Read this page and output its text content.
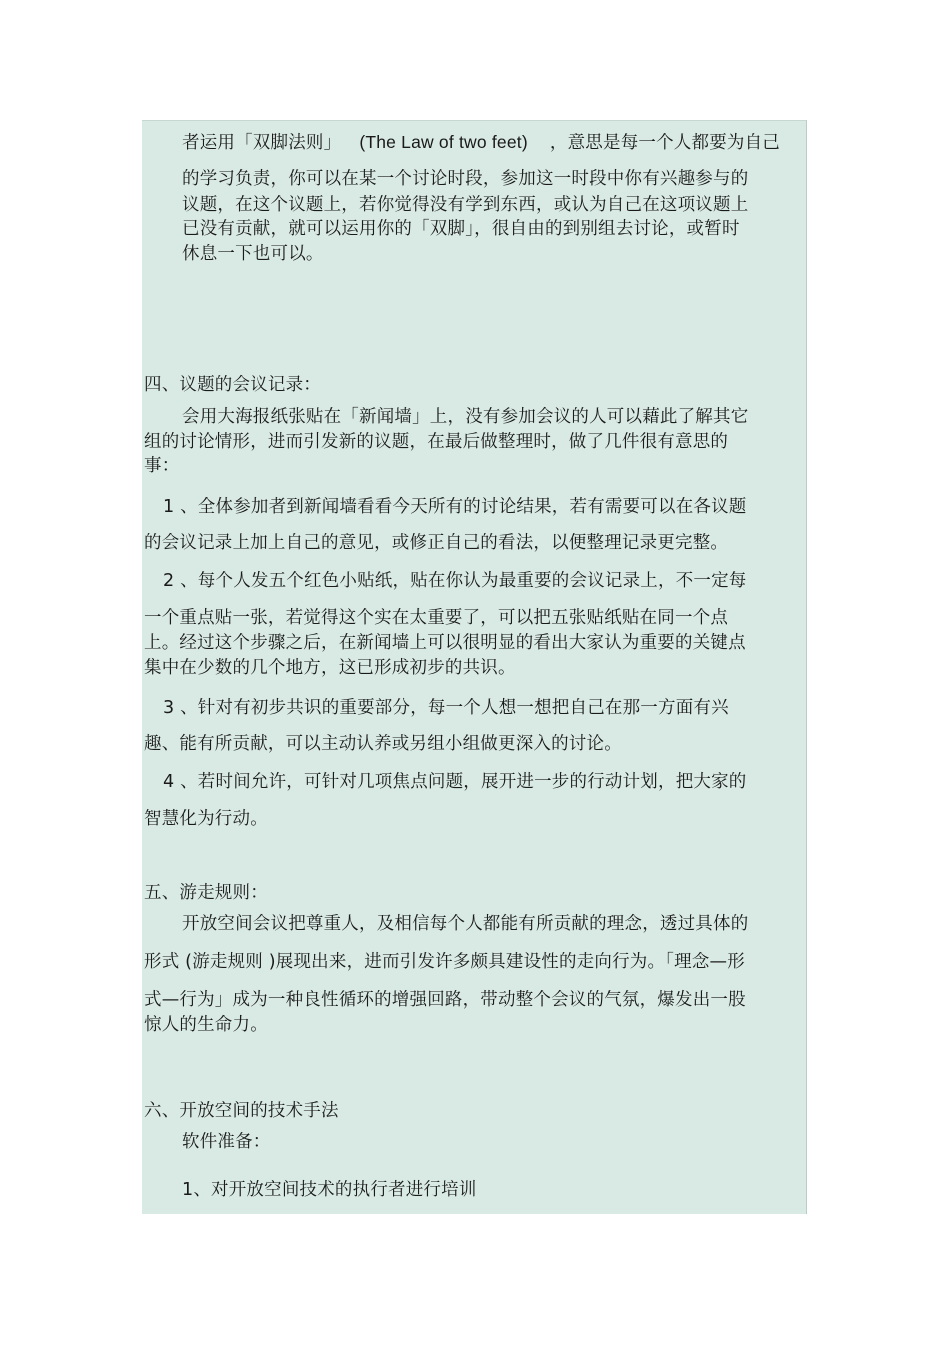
者运用「双脚法则」 (The Law of two feet) ，意思是每一个人都要为自己
的学习负责，你可以在某一个讨论时段，参加这一时段中你有兴趣参与的
议题，在这个议题上，若你觉得没有学到东西，或认为自己在这项议题上
已没有贡献，就可以运用你的「双脚」，很自由的到别组去讨论，或暂时
休息一下也可以。
四、议题的会议记录：
会用大海报纸张贴在「新闻墙」上，没有参加会议的人可以藉此了解其它
组的讨论情形，进而引发新的议题，在最后做整理时，做了几件很有意思的
事：
1 、全体参加者到新闻墙看看今天所有的讨论结果，若有需要可以在各议题
的会议记录上加上自己的意见，或修正自己的看法，以便整理记录更完整。
2 、每个人发五个红色小贴纸，贴在你认为最重要的会议记录上，不一定每
一个重点贴一张，若觉得这个实在太重要了，可以把五张贴纸贴在同一个点
上。经过这个步骤之后，在新闻墙上可以很明显的看出大家认为重要的关键点
集中在少数的几个地方，这已形成初步的共识。
3 、针对有初步共识的重要部分，每一个人想一想把自己在那一方面有兴
趣、能有所贡献，可以主动认养或另组小组做更深入的讨论。
4 、若时间允许，可针对几项焦点问题，展开进一步的行动计划，把大家的
智慧化为行动。
五、游走规则：
开放空间会议把尊重人，及相信每个人都能有所贡献的理念，透过具体的
形式 (游走规则 )展现出来，进而引发许多颇具建设性的走向行为。「理念—形
式—行为」成为一种良性循环的增强回路，带动整个会议的气氛，爆发出一股
惊人的生命力。
六、开放空间的技术手法
软件准备：
1、对开放空间技术的执行者进行培训
